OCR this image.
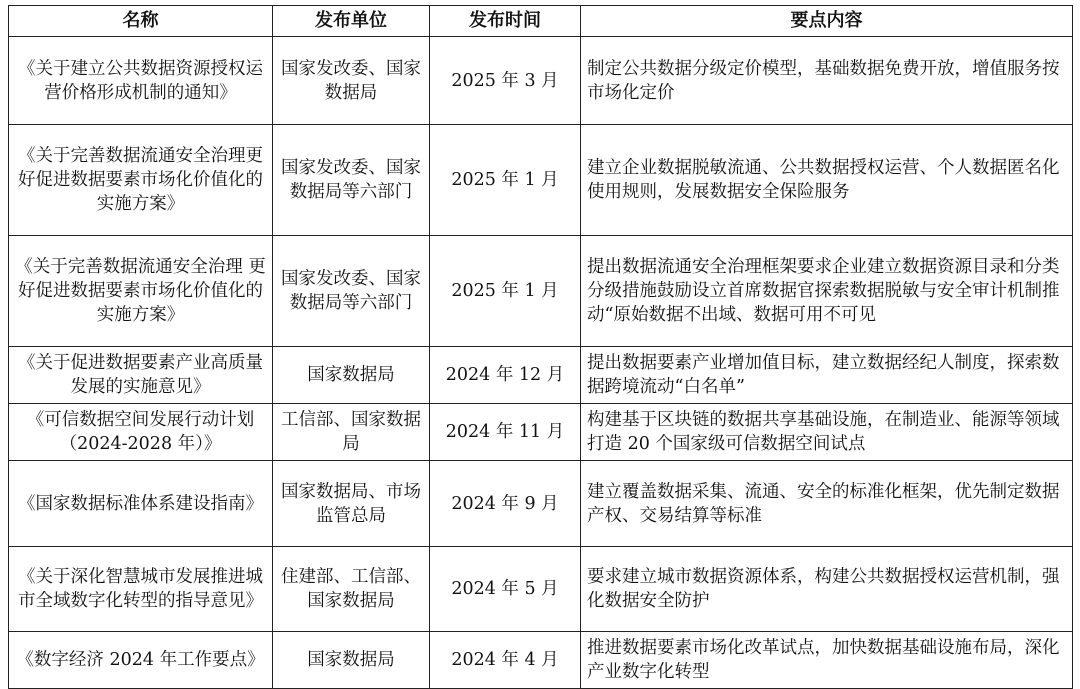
名称	发布单位	发布时间	要点内容
《关于建立公共数据资源授权运营价格形成机制的通知》	国家发改委、国家数据局	2025 年 3 月	制定公共数据分级定价模型，基础数据免费开放，增值服务按市场化定价
《关于完善数据流通安全治理更好促进数据要素市场化价值化的实施方案》	国家发改委、国家数据局等六部门	2025 年 1 月	建立企业数据脱敏流通、公共数据授权运营、个人数据匿名化使用规则，发展数据安全保险服务
《关于完善数据流通安全治理 更好促进数据要素市场化价值化的实施方案》	国家发改委、国家数据局等六部门	2025 年 1 月	提出数据流通安全治理框架要求企业建立数据资源目录和分类分级措施鼓励设立首席数据官探索数据脱敏与安全审计机制推动“原始数据不出域、数据可用不可见
《关于促进数据要素产业高质量发展的实施意见》	国家数据局	2024 年 12 月	提出数据要素产业增加值目标，建立数据经纪人制度，探索数据跨境流动“白名单”
《可信数据空间发展行动计划（2024-2028 年）》	工信部、国家数据局	2024 年 11 月	构建基于区块链的数据共享基础设施，在制造业、能源等领域打造 20 个国家级可信数据空间试点
《国家数据标准体系建设指南》	国家数据局、市场监管总局	2024 年 9 月	建立覆盖数据采集、流通、安全的标准化框架，优先制定数据产权、交易结算等标准
《关于深化智慧城市发展推进城市全域数字化转型的指导意见》	住建部、工信部、国家数据局	2024 年 5 月	要求建立城市数据资源体系，构建公共数据授权运营机制，强化数据安全防护
《数字经济 2024 年工作要点》	国家数据局	2024 年 4 月	推进数据要素市场化改革试点，加快数据基础设施布局，深化产业数字化转型
